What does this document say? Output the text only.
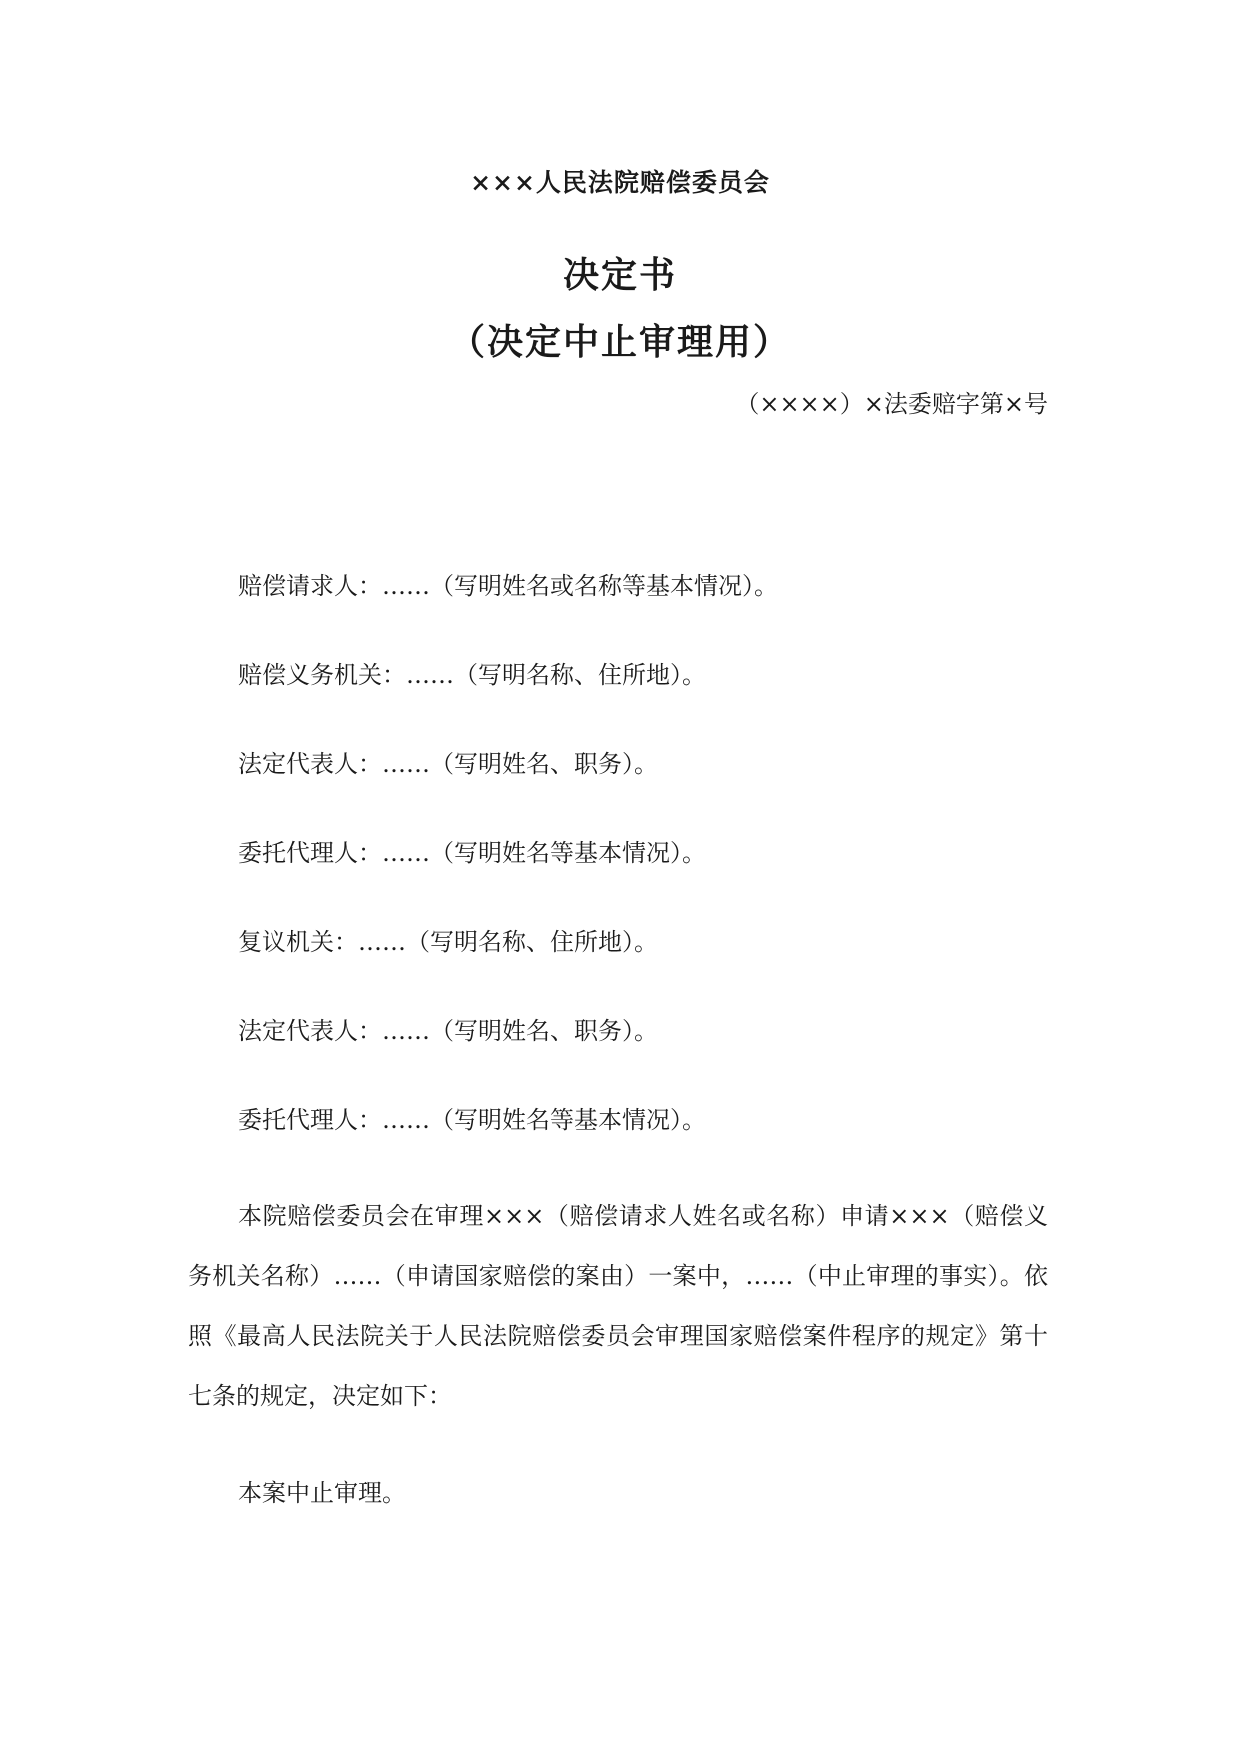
×××人民法院赔偿委员会
决定书
（决定中止审理用）
（××××）×法委赔字第×号
赔偿请求人：……（写明姓名或名称等基本情况）。
赔偿义务机关：……（写明名称、住所地）。
法定代表人：……（写明姓名、职务）。
委托代理人：……（写明姓名等基本情况）。
复议机关：……（写明名称、住所地）。
法定代表人：……（写明姓名、职务）。
委托代理人：……（写明姓名等基本情况）。
本院赔偿委员会在审理×××（赔偿请求人姓名或名称）申请×××（赔偿义务机关名称）……（申请国家赔偿的案由）一案中，……（中止审理的事实）。依照《最高人民法院关于人民法院赔偿委员会审理国家赔偿案件程序的规定》第十七条的规定，决定如下：
本案中止审理。
